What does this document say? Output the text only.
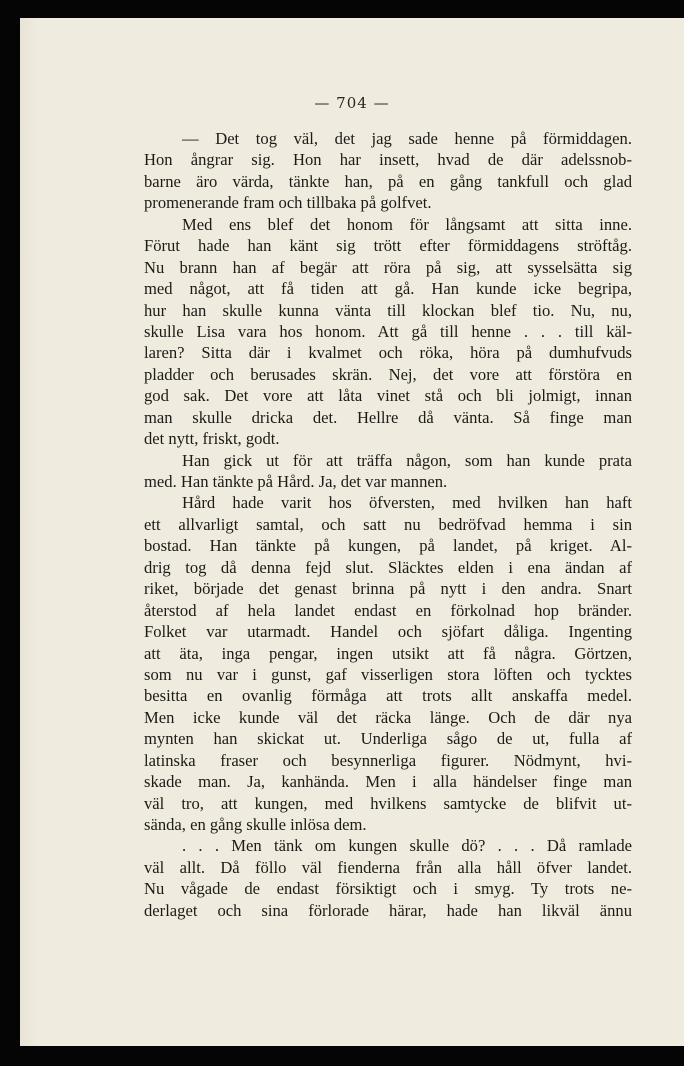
— 704 —
— Det tog väl, det jag sade henne på förmiddagen.
Hon ångrar sig. Hon har insett, hvad de där adelssnob-
barne äro värda, tänkte han, på en gång tankfull och glad
promenerande fram och tillbaka på golfvet.
Med ens blef det honom för långsamt att sitta inne.
Förut hade han känt sig trött efter förmiddagens ströftåg.
Nu brann han af begär att röra på sig, att sysselsätta sig
med något, att få tiden att gå. Han kunde icke begripa,
hur han skulle kunna vänta till klockan blef tio. Nu, nu,
skulle Lisa vara hos honom. Att gå till henne . . . till käl-
laren? Sitta där i kvalmet och röka, höra på dumhufvuds
pladder och berusades skrän. Nej, det vore att förstöra en
god sak. Det vore att låta vinet stå och bli jolmigt, innan
man skulle dricka det. Hellre då vänta. Så finge man
det nytt, friskt, godt.
Han gick ut för att träffa någon, som han kunde prata
med. Han tänkte på Hård. Ja, det var mannen.
Hård hade varit hos öfversten, med hvilken han haft
ett allvarligt samtal, och satt nu bedröfvad hemma i sin
bostad. Han tänkte på kungen, på landet, på kriget. Al-
drig tog då denna fejd slut. Släcktes elden i ena ändan af
riket, började det genast brinna på nytt i den andra. Snart
återstod af hela landet endast en förkolnad hop bränder.
Folket var utarmadt. Handel och sjöfart dåliga. Ingenting
att äta, inga pengar, ingen utsikt att få några. Görtzen,
som nu var i gunst, gaf visserligen stora löften och tycktes
besitta en ovanlig förmåga att trots allt anskaffa medel.
Men icke kunde väl det räcka länge. Och de där nya
mynten han skickat ut. Underliga sågo de ut, fulla af
latinska fraser och besynnerliga figurer. Nödmynt, hvi-
skade man. Ja, kanhända. Men i alla händelser finge man
väl tro, att kungen, med hvilkens samtycke de blifvit ut-
sända, en gång skulle inlösa dem.
. . . Men tänk om kungen skulle dö? . . . Då ramlade
väl allt. Då föllo väl fienderna från alla håll öfver landet.
Nu vågade de endast försiktigt och i smyg. Ty trots ne-
derlaget och sina förlorade härar, hade han likväl ännu
